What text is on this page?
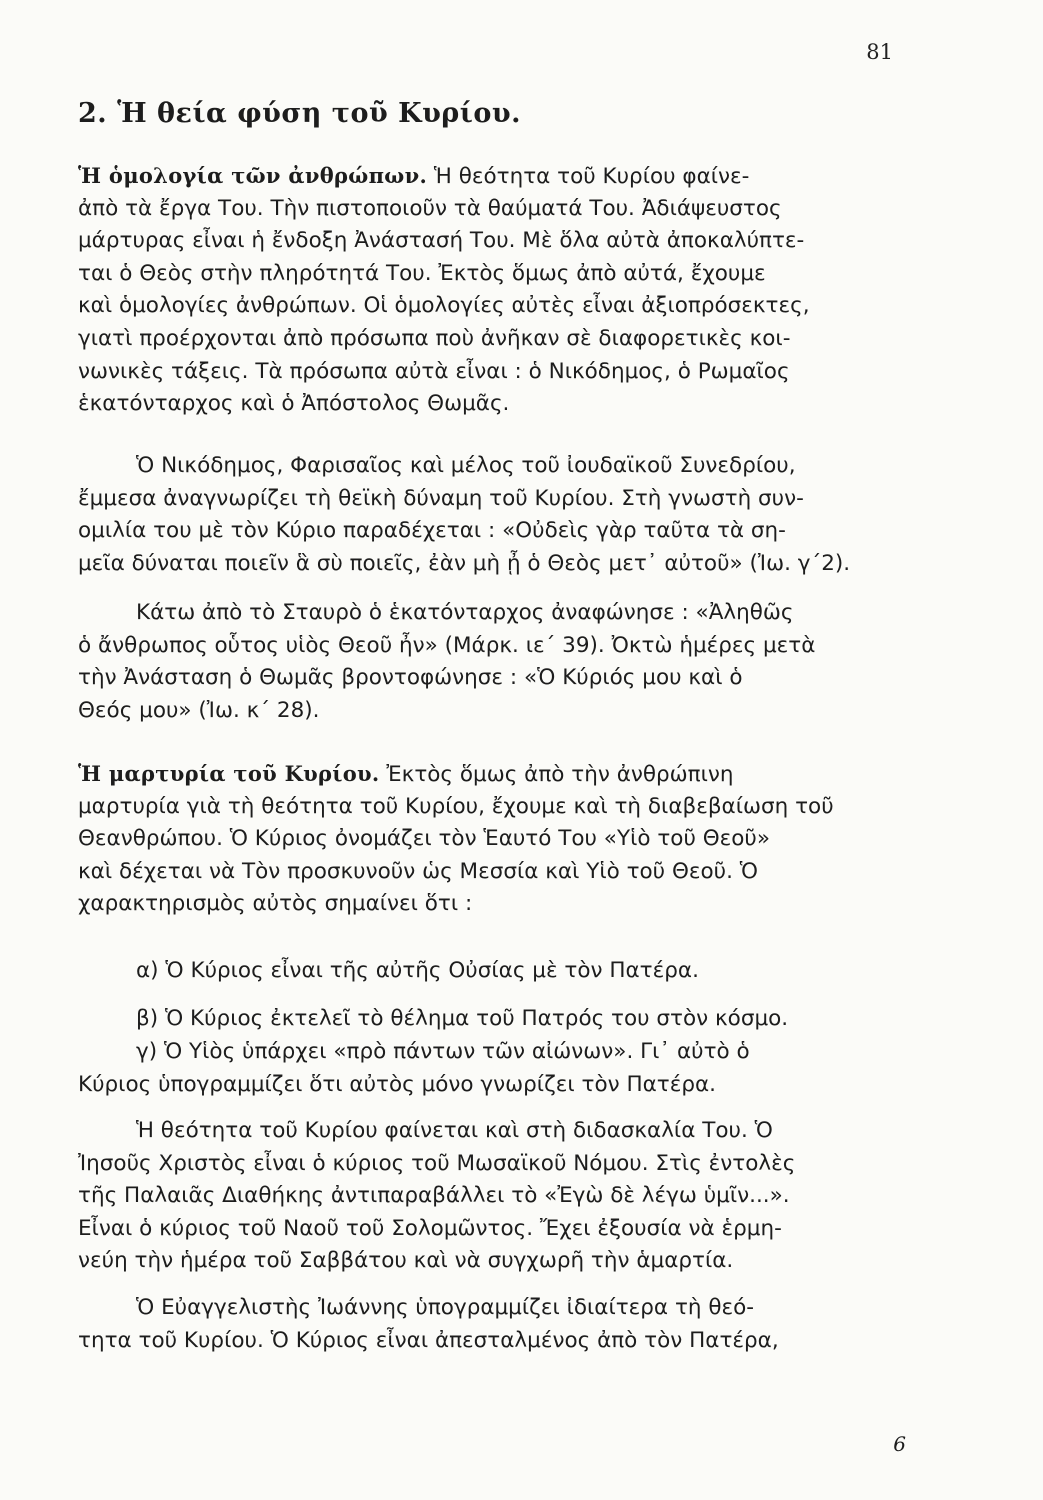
81
2. Ἡ θεία φύση τοῦ Κυρίου.
Ἡ ὁμολογία τῶν ἀνθρώπων. Ἡ θεότητα τοῦ Κυρίου φαίνε-
ἀπὸ τὰ ἔργα Του. Τὴν πιστοποιοῦν τὰ θαύματά Του. Ἀδιάψευστος
μάρτυρας εἶναι ἡ ἔνδοξη Ἀνάστασή Του. Μὲ ὅλα αὐτὰ ἀποκαλύπτε-
ται ὁ Θεὸς στὴν πληρότητά Του. Ἐκτὸς ὅμως ἀπὸ αὐτά, ἔχουμε
καὶ ὁμολογίες ἀνθρώπων. Οἱ ὁμολογίες αὐτὲς εἶναι ἀξιοπρόσεκτες,
γιατὶ προέρχονται ἀπὸ πρόσωπα ποὺ ἀνῆκαν σὲ διαφορετικὲς κοι-
νωνικὲς τάξεις. Τὰ πρόσωπα αὐτὰ εἶναι : ὁ Νικόδημος, ὁ Ρωμαῖος
ἑκατόνταρχος καὶ ὁ Ἀπόστολος Θωμᾶς.
Ὁ Νικόδημος, Φαρισαῖος καὶ μέλος τοῦ ἰουδαϊκοῦ Συνεδρίου,
ἔμμεσα ἀναγνωρίζει τὴ θεϊκὴ δύναμη τοῦ Κυρίου. Στὴ γνωστὴ συν-
ομιλία του μὲ τὸν Κύριο παραδέχεται : «Οὐδεὶς γὰρ ταῦτα τὰ ση-
μεῖα δύναται ποιεῖν ἃ σὺ ποιεῖς, ἐὰν μὴ ᾖ ὁ Θεὸς μετ᾿ αὐτοῦ» (Ἰω. γ΄2).
Κάτω ἀπὸ τὸ Σταυρὸ ὁ ἑκατόνταρχος ἀναφώνησε : «Ἀληθῶς
ὁ ἄνθρωπος οὗτος υἱὸς Θεοῦ ἦν» (Μάρκ. ιε΄ 39). Ὀκτὼ ἡμέρες μετὰ
τὴν Ἀνάσταση ὁ Θωμᾶς βροντοφώνησε : «Ὁ Κύριός μου καὶ ὁ
Θεός μου» (Ἰω. κ΄ 28).
Ἡ μαρτυρία τοῦ Κυρίου. Ἐκτὸς ὅμως ἀπὸ τὴν ἀνθρώπινη
μαρτυρία γιὰ τὴ θεότητα τοῦ Κυρίου, ἔχουμε καὶ τὴ διαβεβαίωση τοῦ
Θεανθρώπου. Ὁ Κύριος ὀνομάζει τὸν Ἑαυτό Του «Υἱὸ τοῦ Θεοῦ»
καὶ δέχεται νὰ Τὸν προσκυνοῦν ὡς Μεσσία καὶ Υἱὸ τοῦ Θεοῦ. Ὁ
χαρακτηρισμὸς αὐτὸς σημαίνει ὅτι :
α) Ὁ Κύριος εἶναι τῆς αὐτῆς Οὐσίας μὲ τὸν Πατέρα.
β) Ὁ Κύριος ἐκτελεῖ τὸ θέλημα τοῦ Πατρός του στὸν κόσμο.
γ) Ὁ Υἱὸς ὑπάρχει «πρὸ πάντων τῶν αἰώνων». Γι᾿ αὐτὸ ὁ
Κύριος ὑπογραμμίζει ὅτι αὐτὸς μόνο γνωρίζει τὸν Πατέρα.
Ἡ θεότητα τοῦ Κυρίου φαίνεται καὶ στὴ διδασκαλία Του. Ὁ
Ἰησοῦς Χριστὸς εἶναι ὁ κύριος τοῦ Μωσαϊκοῦ Νόμου. Στὶς ἐντολὲς
τῆς Παλαιᾶς Διαθήκης ἀντιπαραβάλλει τὸ «Ἐγὼ δὲ λέγω ὑμῖν...».
Εἶναι ὁ κύριος τοῦ Ναοῦ τοῦ Σολομῶντος. Ἔχει ἐξουσία νὰ ἑρμη-
νεύη τὴν ἡμέρα τοῦ Σαββάτου καὶ νὰ συγχωρῆ τὴν ἁμαρτία.
Ὁ Εὐαγγελιστὴς Ἰωάννης ὑπογραμμίζει ἰδιαίτερα τὴ θεό-
τητα τοῦ Κυρίου. Ὁ Κύριος εἶναι ἀπεσταλμένος ἀπὸ τὸν Πατέρα,
6
